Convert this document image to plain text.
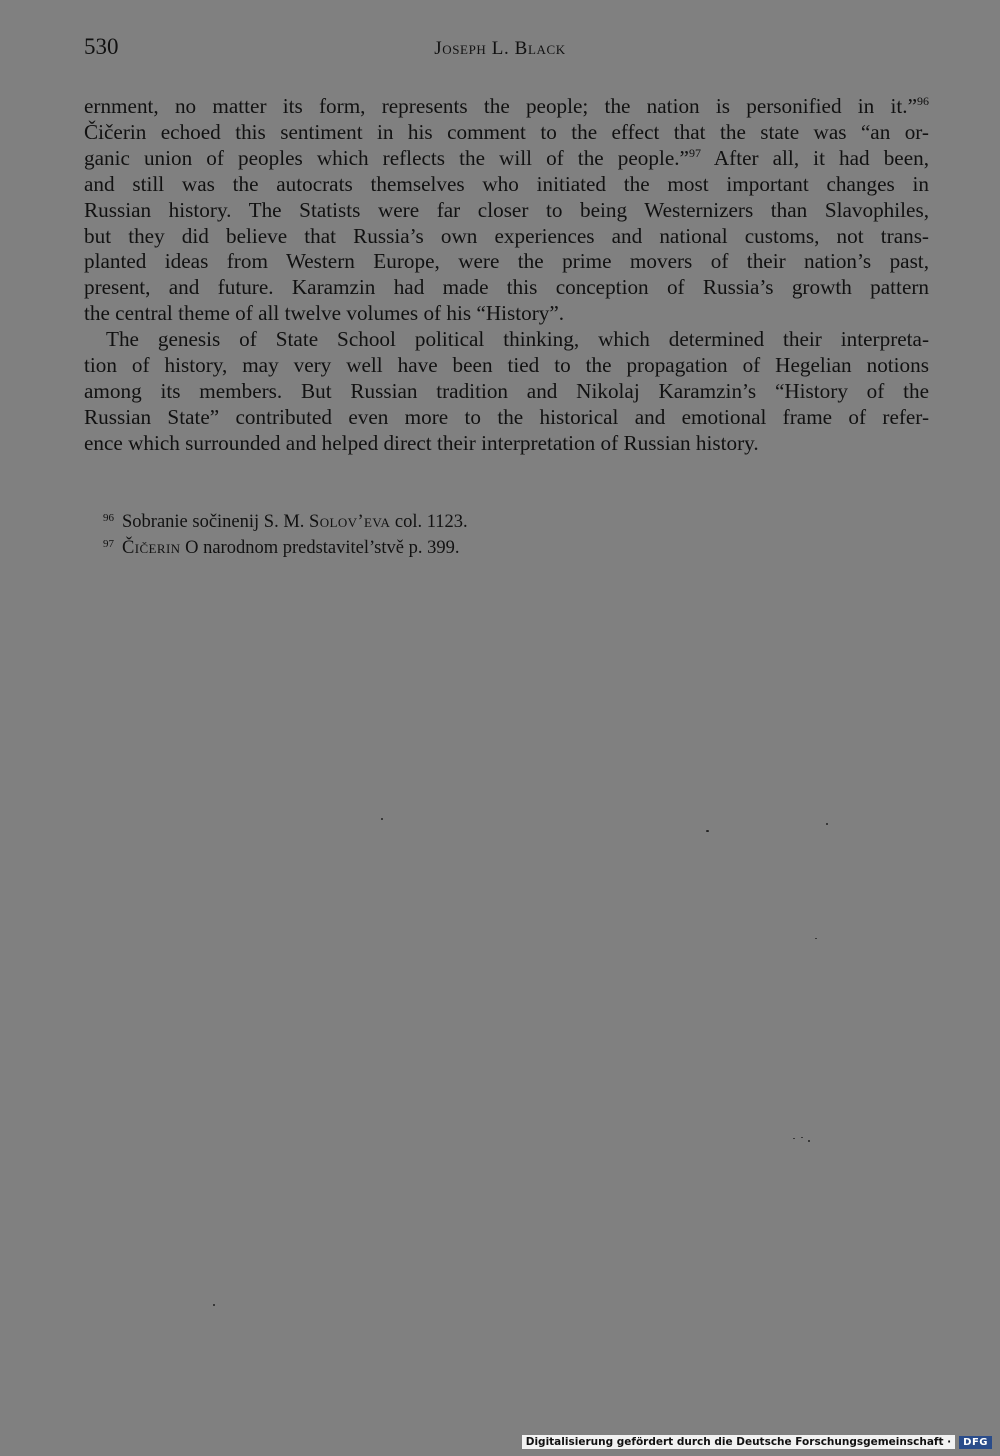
530	Joseph L. Black
ernment, no matter its form, represents the people; the nation is personified in it.”$^{96}$
Čičerin echoed this sentiment in his comment to the effect that the state was “an or-
ganic union of peoples which reflects the will of the people.”$^{97}$ After all, it had been,
and still was the autocrats themselves who initiated the most important changes in
Russian history. The Statists were far closer to being Westernizers than Slavophiles,
but they did believe that Russia’s own experiences and national customs, not trans-
planted ideas from Western Europe, were the prime movers of their nation’s past,
present, and future. Karamzin had made this conception of Russia’s growth pattern
the central theme of all twelve volumes of his “History”.
The genesis of State School political thinking, which determined their interpreta-
tion of history, may very well have been tied to the propagation of Hegelian notions
among its members. But Russian tradition and Nikolaj Karamzin’s “History of the
Russian State” contributed even more to the historical and emotional frame of refer-
ence which surrounded and helped direct their interpretation of Russian history.
$^{96}$ Sobranie sočinenij S. M. Solov’eva col. 1123.
$^{97}$ Čičerin O narodnom predstavitel’stvě p. 399.
Digitalisierung gefördert durch die Deutsche Forschungsgemeinschaft ·	DFG
